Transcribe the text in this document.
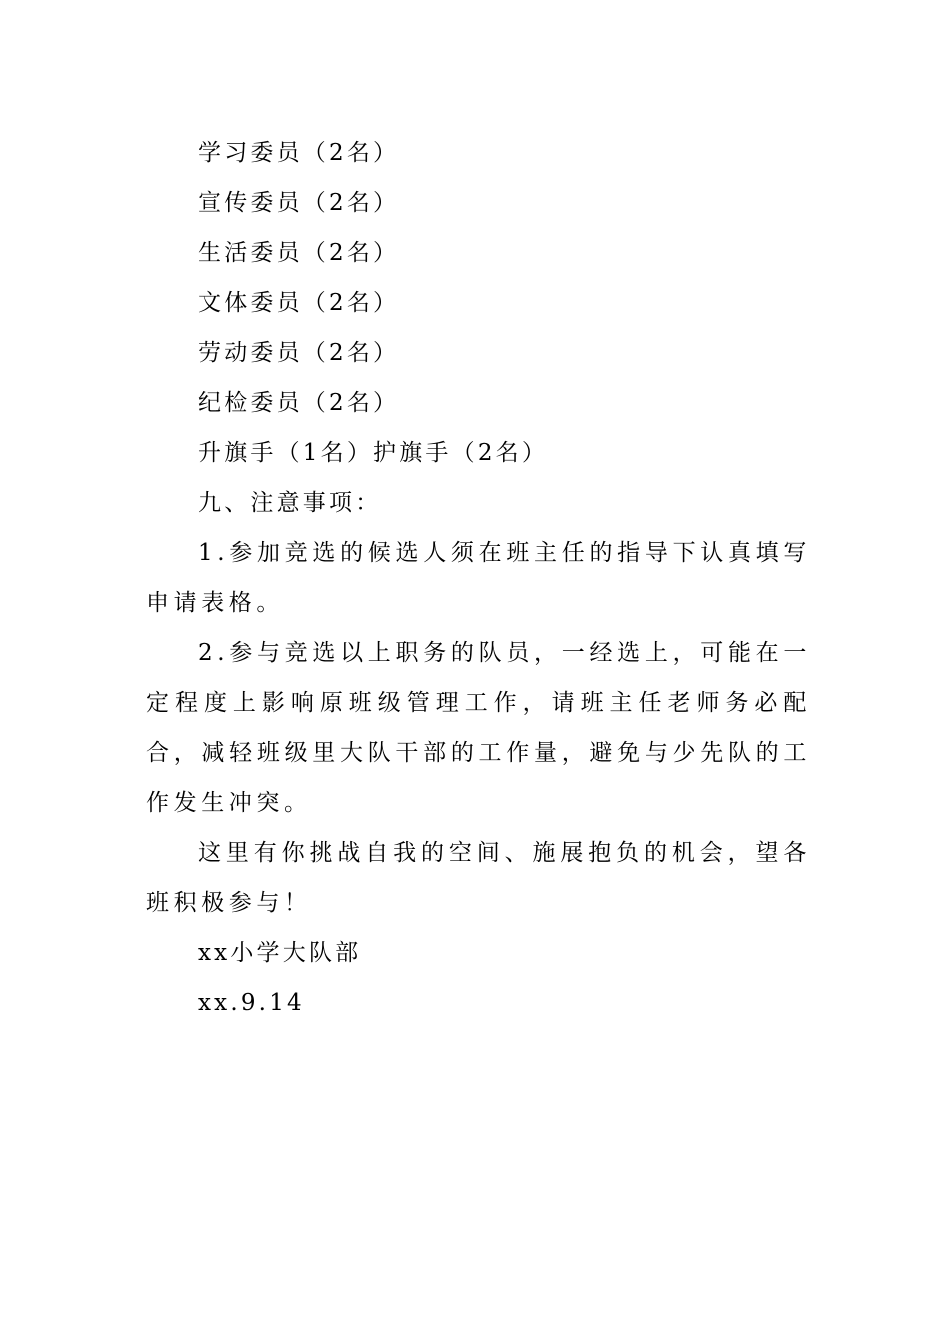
学习委员（2名）
宣传委员（2名）
生活委员（2名）
文体委员（2名）
劳动委员（2名）
纪检委员（2名）
升旗手（1名）护旗手（2名）
九、注意事项：

1.参加竞选的候选人须在班主任的指导下认真填写申请表格。

2.参与竞选以上职务的队员，一经选上，可能在一定程度上影响原班级管理工作，请班主任老师务必配合，减轻班级里大队干部的工作量，避免与少先队的工作发生冲突。

这里有你挑战自我的空间、施展抱负的机会，望各班积极参与！

xx小学大队部
xx.9.14
